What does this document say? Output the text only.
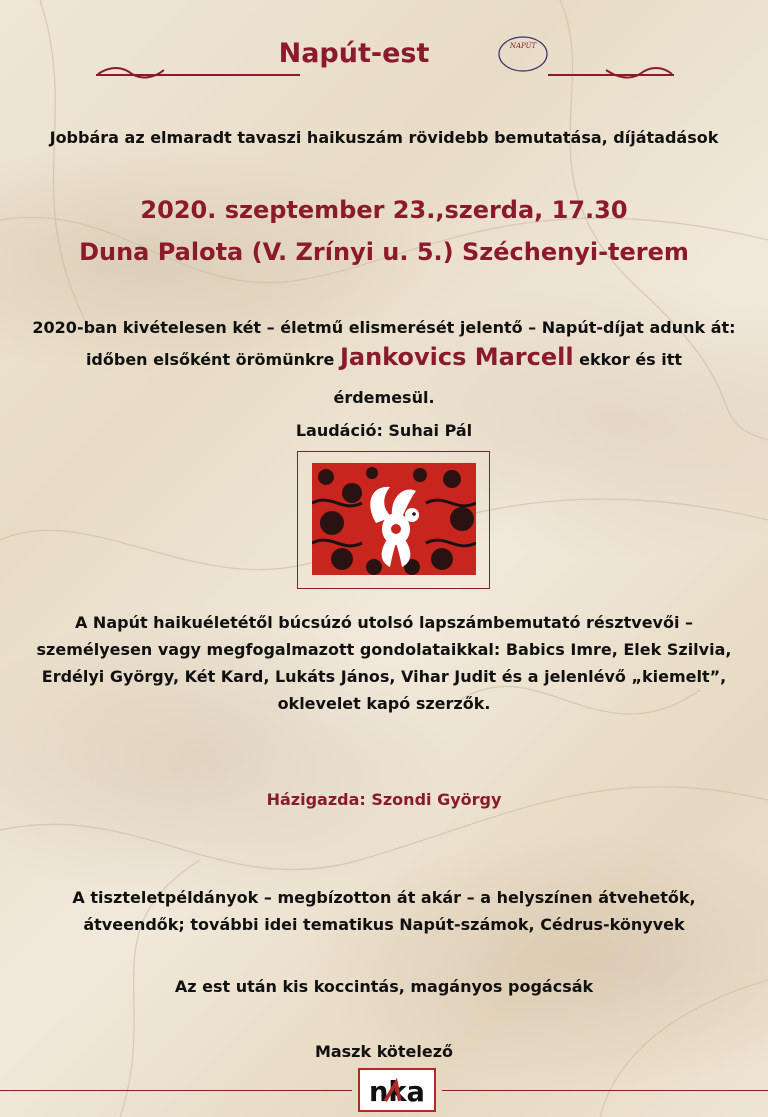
Napút-est	NAPÚT
Jobbára az elmaradt tavaszi haikuszám rövidebb bemutatása, díjátadások
2020. szeptember 23.,szerda, 17.30
Duna Palota (V. Zrínyi u. 5.) Széchenyi-terem
2020-ban kivételesen két – életmű elismerését jelentő – Napút-díjat adunk át:
időben elsőként örömünkre Jankovics Marcell ekkor és itt
érdemesül.
Laudáció: Suhai Pál
A Napút haikuéletétől búcsúzó utolsó lapszámbemutató résztvevői –
személyesen vagy megfogalmazott gondolataikkal: Babics Imre, Elek Szilvia,
Erdélyi György, Két Kard, Lukáts János, Vihar Judit és a jelenlévő „kiemelt”,
oklevelet kapó szerzők.
Házigazda: Szondi György
A tiszteletpéldányok – megbízotton át akár – a helyszínen átvehetők,
átveendők; további idei tematikus Napút-számok, Cédrus-könyvek
Az est után kis koccintás, magányos pogácsák
Maszk kötelező
nka
